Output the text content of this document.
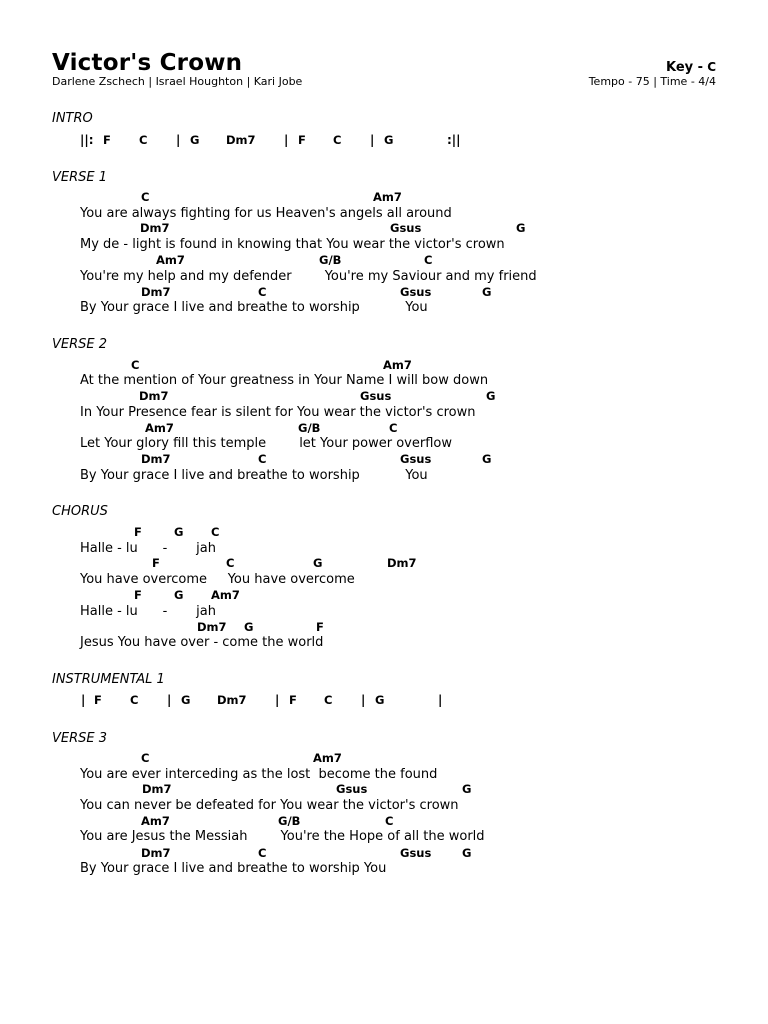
Victor's Crown
Darlene Zschech | Israel Houghton | Kari Jobe
Key - C
Tempo - 75 | Time - 4/4
INTRO
||: F C | G Dm7 | F C | G	:||
VERSE 1
C	Am7
You are always fighting for us Heaven's angels all around
Dm7	Gsus	G
My de - light is found in knowing that You wear the victor's crown
Am7	G/B	C
You're my help and my defender        You're my Saviour and my friend
Dm7	C	Gsus	G
By Your grace I live and breathe to worship           You
VERSE 2
C	Am7
At the mention of Your greatness in Your Name I will bow down
Dm7	Gsus	G
In Your Presence fear is silent for You wear the victor's crown
Am7	G/B	C
Let Your glory fill this temple        let Your power overflow
Dm7	C	Gsus	G
By Your grace I live and breathe to worship           You
CHORUS
F	G C
Halle - lu      -       jah
F	C	G	Dm7
You have overcome     You have overcome
F	G Am7
Halle - lu      -       jah
Dm7 G	F
Jesus You have over - come the world
INSTRUMENTAL 1
| F C | G Dm7 | F C | G	|
VERSE 3
C	Am7
You are ever interceding as the lost  become the found
Dm7	Gsus	G
You can never be defeated for You wear the victor's crown
Am7	G/B	C
You are Jesus the Messiah        You're the Hope of all the world
Dm7	C	Gsus	G
By Your grace I live and breathe to worship You
